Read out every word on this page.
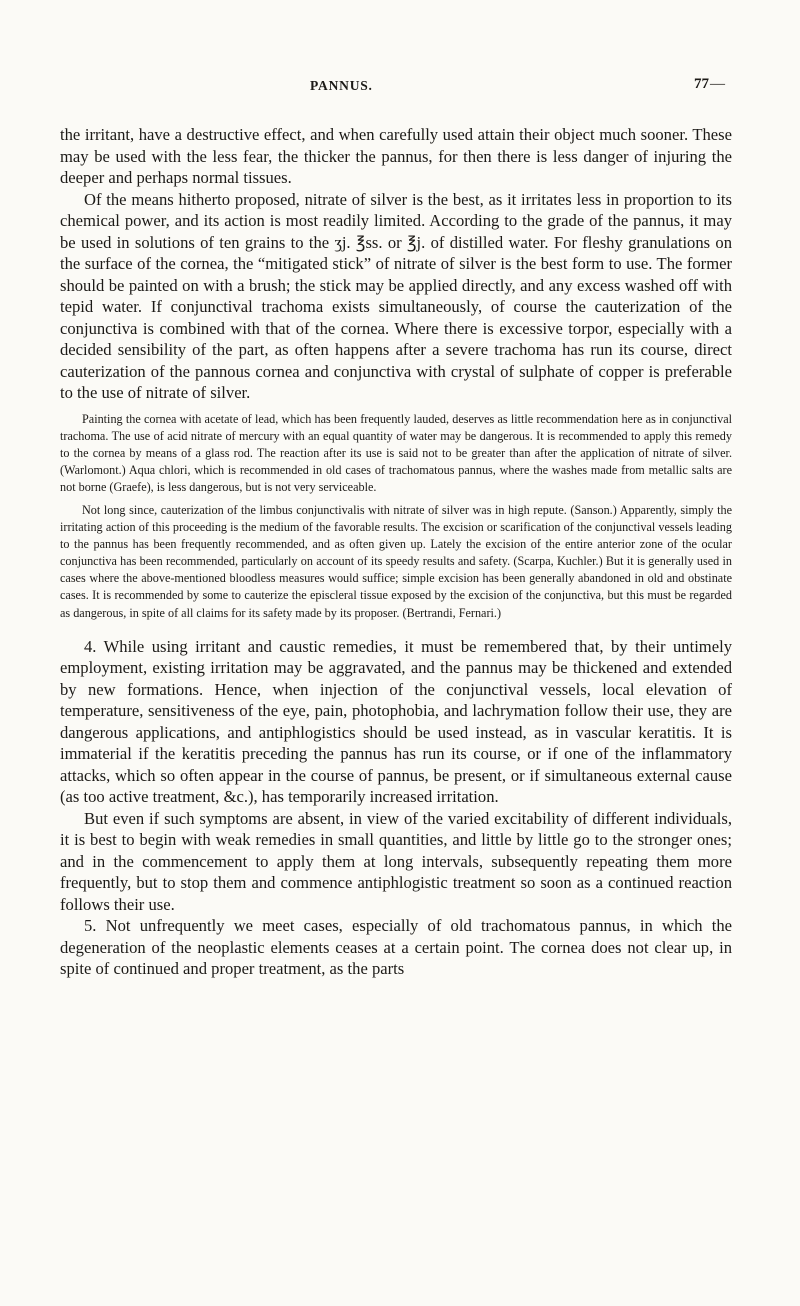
PANNUS.	77 —

the irritant, have a destructive effect, and when carefully used attain their object much sooner. These may be used with the less fear, the thicker the pannus, for then there is less danger of injuring the deeper and perhaps normal tissues.

Of the means hitherto proposed, nitrate of silver is the best, as it irritates less in proportion to its chemical power, and its action is most readily limited. According to the grade of the pannus, it may be used in solutions of ten grains to the ʒj. ℥ss. or ℥j. of distilled water. For fleshy granulations on the surface of the cornea, the “mitigated stick” of nitrate of silver is the best form to use. The former should be painted on with a brush; the stick may be applied directly, and any excess washed off with tepid water. If conjunctival trachoma exists simultaneously, of course the cauterization of the conjunctiva is combined with that of the cornea. Where there is excessive torpor, especially with a decided sensibility of the part, as often happens after a severe trachoma has run its course, direct cauterization of the pannous cornea and conjunctiva with crystal of sulphate of copper is preferable to the use of nitrate of silver.

Painting the cornea with acetate of lead, which has been frequently lauded, deserves as little recommendation here as in conjunctival trachoma. The use of acid nitrate of mercury with an equal quantity of water may be dangerous. It is recommended to apply this remedy to the cornea by means of a glass rod. The reaction after its use is said not to be greater than after the application of nitrate of silver. (Warlomont.) Aqua chlori, which is recommended in old cases of trachomatous pannus, where the washes made from metallic salts are not borne (Graefe), is less dangerous, but is not very serviceable.

Not long since, cauterization of the limbus conjunctivalis with nitrate of silver was in high repute. (Sanson.) Apparently, simply the irritating action of this proceeding is the medium of the favorable results. The excision or scarification of the conjunctival vessels leading to the pannus has been frequently recommended, and as often given up. Lately the excision of the entire anterior zone of the ocular conjunctiva has been recommended, particularly on account of its speedy results and safety. (Scarpa, Kuchler.) But it is generally used in cases where the above-mentioned bloodless measures would suffice; simple excision has been generally abandoned in old and obstinate cases. It is recommended by some to cauterize the episcleral tissue exposed by the excision of the conjunctiva, but this must be regarded as dangerous, in spite of all claims for its safety made by its proposer. (Bertrandi, Fernari.)

4. While using irritant and caustic remedies, it must be remembered that, by their untimely employment, existing irritation may be aggravated, and the pannus may be thickened and extended by new formations. Hence, when injection of the conjunctival vessels, local elevation of temperature, sensitiveness of the eye, pain, photophobia, and lachrymation follow their use, they are dangerous applications, and antiphlogistics should be used instead, as in vascular keratitis. It is immaterial if the keratitis preceding the pannus has run its course, or if one of the inflammatory attacks, which so often appear in the course of pannus, be present, or if simultaneous external cause (as too active treatment, &c.), has temporarily increased irritation.

But even if such symptoms are absent, in view of the varied excitability of different individuals, it is best to begin with weak remedies in small quantities, and little by little go to the stronger ones; and in the commencement to apply them at long intervals, subsequently repeating them more frequently, but to stop them and commence antiphlogistic treatment so soon as a continued reaction follows their use.

5. Not unfrequently we meet cases, especially of old trachomatous pannus, in which the degeneration of the neoplastic elements ceases at a certain point. The cornea does not clear up, in spite of continued and proper treatment, as the parts
